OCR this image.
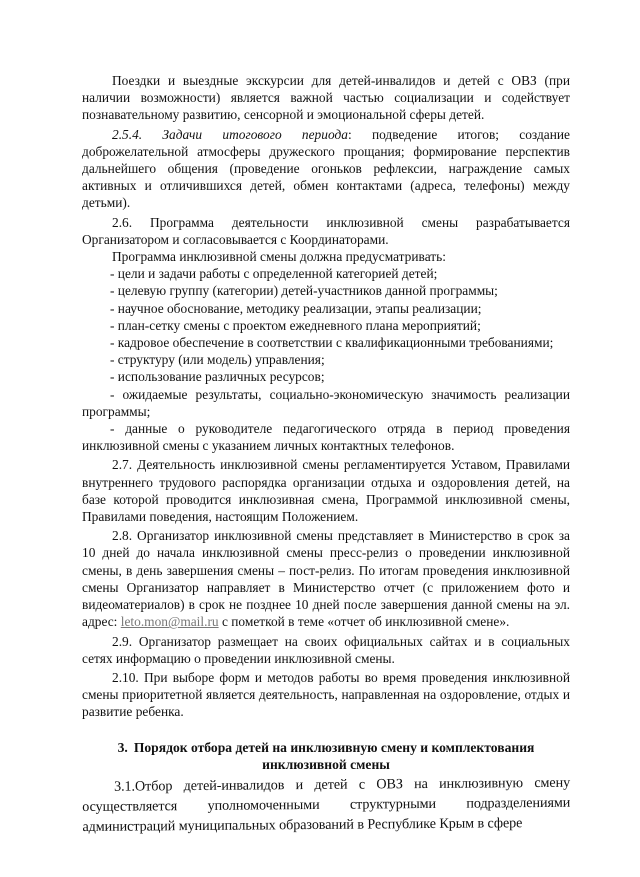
Поездки и выездные экскурсии для детей-инвалидов и детей с ОВЗ (при наличии возможности) является важной частью социализации и содействует познавательному развитию, сенсорной и эмоциональной сферы детей.

2.5.4. Задачи итогового периода: подведение итогов; создание доброжелательной атмосферы дружеского прощания; формирование перспектив дальнейшего общения (проведение огоньков рефлексии, награждение самых активных и отличившихся детей, обмен контактами (адреса, телефоны) между детьми).

2.6. Программа деятельности инклюзивной смены разрабатывается Организатором и согласовывается с Координаторами.

Программа инклюзивной смены должна предусматривать:

- цели и задачи работы с определенной категорией детей;
- целевую группу (категории) детей-участников данной программы;
- научное обоснование, методику реализации, этапы реализации;
- план-сетку смены с проектом ежедневного плана мероприятий;
- кадровое обеспечение в соответствии с квалификационными требованиями;
- структуру (или модель) управления;
- использование различных ресурсов;
- ожидаемые результаты, социально-экономическую значимость реализации программы;
- данные о руководителе педагогического отряда в период проведения инклюзивной смены с указанием личных контактных телефонов.

2.7. Деятельность инклюзивной смены регламентируется Уставом, Правилами внутреннего трудового распорядка организации отдыха и оздоровления детей, на базе которой проводится инклюзивная смена, Программой инклюзивной смены, Правилами поведения, настоящим Положением.

2.8. Организатор инклюзивной смены представляет в Министерство в срок за 10 дней до начала инклюзивной смены пресс-релиз о проведении инклюзивной смены, в день завершения смены – пост-релиз. По итогам проведения инклюзивной смены Организатор направляет в Министерство отчет (с приложением фото и видеоматериалов) в срок не позднее 10 дней после завершения данной смены на эл. адрес: leto.mon@mail.ru с пометкой в теме «отчет об инклюзивной смене».

2.9. Организатор размещает на своих официальных сайтах и в социальных сетях информацию о проведении инклюзивной смены.

2.10. При выборе форм и методов работы во время проведения инклюзивной смены приоритетной является деятельность, направленная на оздоровление, отдых и развитие ребенка.

3. Порядок отбора детей на инклюзивную смену и комплектования инклюзивной смены

3.1.Отбор детей-инвалидов и детей с ОВЗ на инклюзивную смену осуществляется уполномоченными структурными подразделениями администраций муниципальных образований в Республике Крым в сфере
